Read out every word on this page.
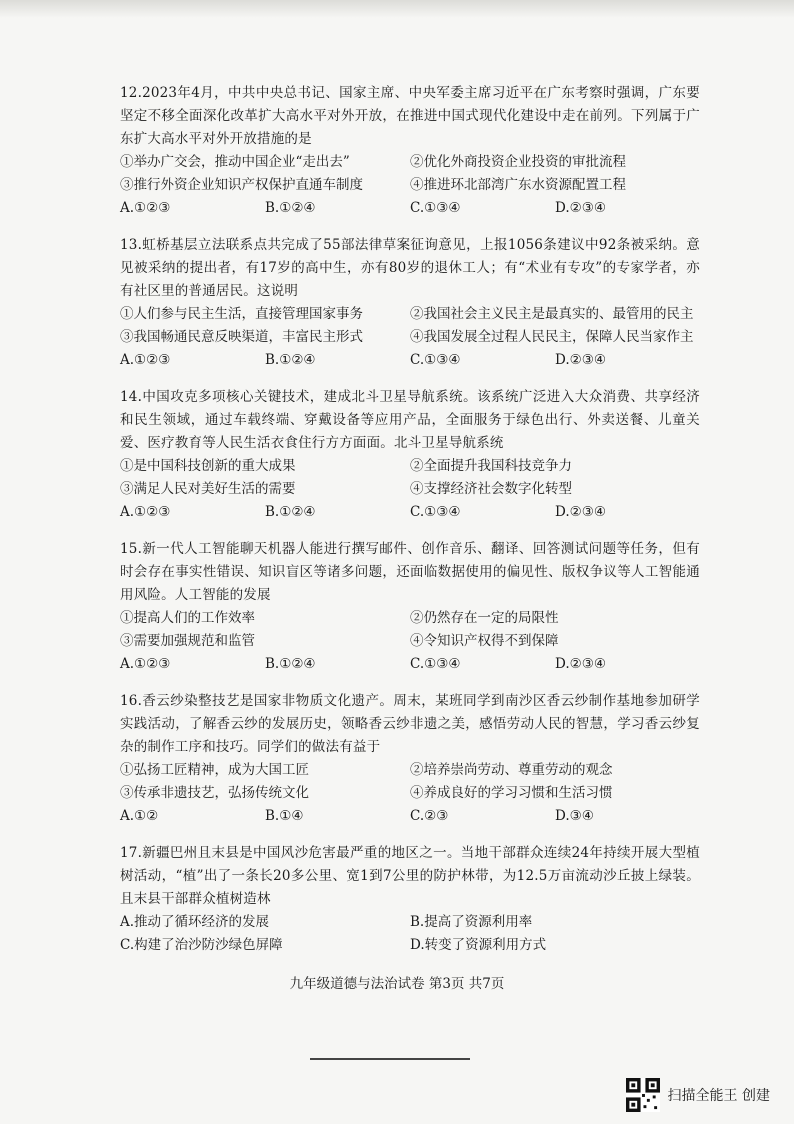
12.2023年4月，中共中央总书记、国家主席、中央军委主席习近平在广东考察时强调，广东要坚定不移全面深化改革扩大高水平对外开放，在推进中国式现代化建设中走在前列。下列属于广东扩大高水平对外开放措施的是

①举办广交会，推动中国企业“走出去”	②优化外商投资企业投资的审批流程
③推行外资企业知识产权保护直通车制度	④推进环北部湾广东水资源配置工程
A.①②③	B.①②④	C.①③④	D.②③④

13.虹桥基层立法联系点共完成了55部法律草案征询意见，上报1056条建议中92条被采纳。意见被采纳的提出者，有17岁的高中生，亦有80岁的退休工人；有“术业有专攻”的专家学者，亦有社区里的普通居民。这说明

①人们参与民主生活，直接管理国家事务	②我国社会主义民主是最真实的、最管用的民主
③我国畅通民意反映渠道，丰富民主形式	④我国发展全过程人民民主，保障人民当家作主
A.①②③	B.①②④	C.①③④	D.②③④

14.中国攻克多项核心关键技术，建成北斗卫星导航系统。该系统广泛进入大众消费、共享经济和民生领域，通过车载终端、穿戴设备等应用产品，全面服务于绿色出行、外卖送餐、儿童关爱、医疗教育等人民生活衣食住行方方面面。北斗卫星导航系统

①是中国科技创新的重大成果	②全面提升我国科技竞争力
③满足人民对美好生活的需要	④支撑经济社会数字化转型
A.①②③	B.①②④	C.①③④	D.②③④

15.新一代人工智能聊天机器人能进行撰写邮件、创作音乐、翻译、回答测试问题等任务，但有时会存在事实性错误、知识盲区等诸多问题，还面临数据使用的偏见性、版权争议等人工智能通用风险。人工智能的发展

①提高人们的工作效率	②仍然存在一定的局限性
③需要加强规范和监管	④令知识产权得不到保障
A.①②③	B.①②④	C.①③④	D.②③④

16.香云纱染整技艺是国家非物质文化遗产。周末，某班同学到南沙区香云纱制作基地参加研学实践活动，了解香云纱的发展历史，领略香云纱非遗之美，感悟劳动人民的智慧，学习香云纱复杂的制作工序和技巧。同学们的做法有益于

①弘扬工匠精神，成为大国工匠	②培养崇尚劳动、尊重劳动的观念
③传承非遗技艺，弘扬传统文化	④养成良好的学习习惯和生活习惯
A.①②	B.①④	C.②③	D.③④

17.新疆巴州且末县是中国风沙危害最严重的地区之一。当地干部群众连续24年持续开展大型植树活动，“植”出了一条长20多公里、宽1到7公里的防护林带，为12.5万亩流动沙丘披上绿装。且末县干部群众植树造林

A.推动了循环经济的发展	B.提高了资源利用率
C.构建了治沙防沙绿色屏障	D.转变了资源利用方式
九年级道德与法治试卷 第3页 共7页
扫描全能王 创建
